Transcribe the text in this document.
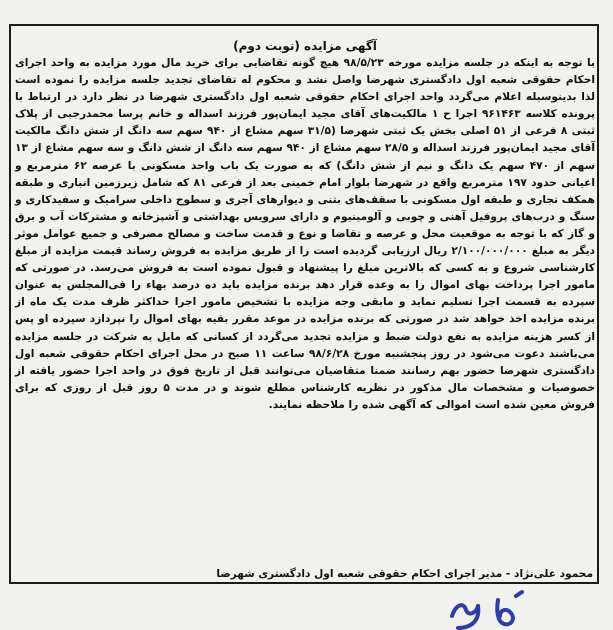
آگهی مزایده (نوبت دوم)

با توجه به اینکه در جلسه مزایده مورخه ۹۸/۵/۲۳ هیچ گونه تقاضایی برای خرید مال مورد مزایده به واحد اجرای احکام حقوقی شعبه اول دادگستری شهرضا واصل نشد و محکوم له تقاضای تجدید جلسه مزایده را نموده است لذا بدینوسیله اعلام می‌گردد واحد اجرای احکام حقوقی شعبه اول دادگستری شهرضا در نظر دارد در ارتباط با پرونده کلاسه ۹۶۱۴۶۳ اجرا ح ۱ مالکیت‌های آقای مجید ایمان‌پور فرزند اسداله و خانم پرسا محمدرجبی از پلاک ثبتی ۸ فرعی از ۵۱ اصلی بخش یک ثبتی شهرضا (۳۱/۵ سهم مشاع از ۹۴۰ سهم سه دانگ از شش دانگ مالکیت آقای مجید ایمان‌پور فرزند اسداله و ۲۸/۵ سهم مشاع از ۹۴۰ سهم سه دانگ از شش دانگ و سه سهم مشاع از ۱۳ سهم از ۴۷۰ سهم یک دانگ و نیم از شش دانگ) که به صورت یک باب واحد مسکونی با عرصه ۶۲ مترمربع و اعیانی حدود ۱۹۷ مترمربع واقع در شهرضا بلوار امام خمینی بعد از فرعی ۸۱ که شامل زیرزمین انباری و طبقه همکف تجاری و طبقه اول مسکونی با سقف‌های بتنی و دیوارهای آجری و سطوح داخلی سرامیک و سفیدکاری و سنگ و درب‌های پروفیل آهنی و چوبی و آلومینیوم و دارای سرویس بهداشتی و آشپزخانه و مشترکات آب و برق و گاز که با توجه به موقعیت محل و عرصه و تقاضا و نوع و قدمت ساخت و مصالح مصرفی و جمیع عوامل موثر دیگر به مبلغ ۲/۱۰۰/۰۰۰/۰۰۰ ریال ارزیابی گردیده است را از طریق مزایده به فروش رساند قیمت مزایده از مبلغ کارشناسی شروع و به کسی که بالاترین مبلغ را پیشنهاد و قبول نموده است به فروش می‌رسد. در صورتی که مامور اجرا پرداخت بهای اموال را به وعده قرار دهد برنده مزایده باید ده درصد بهاء را فی‌المجلس به عنوان سپرده به قسمت اجرا تسلیم نماید و مابقی وجه مزایده با تشخیص مامور اجرا حداکثر ظرف مدت یک ماه از برنده مزایده اخذ خواهد شد در صورتی که برنده مزایده در موعد مقرر بقیه بهای اموال را نپردازد سپرده او پس از کسر هزینه مزایده به نفع دولت ضبط و مزایده تجدید می‌گردد از کسانی که مایل به شرکت در جلسه مزایده می‌باشند دعوت می‌شود در روز پنجشنبه مورخ ۹۸/۶/۲۸ ساعت ۱۱ صبح در محل اجرای احکام حقوقی شعبه اول دادگستری شهرضا حضور بهم رسانند ضمنا متقاضیان می‌توانند قبل از تاریخ فوق در واحد اجرا حضور یافته از خصوصیات و مشخصات مال مذکور در نظریه کارشناس مطلع شوند و در مدت ۵ روز قبل از روزی که برای فروش معین شده است اموالی که آگهی شده را ملاحظه نمایند.

محمود علی‌نژاد - مدیر اجرای احکام حقوقی شعبه اول دادگستری شهرضا
